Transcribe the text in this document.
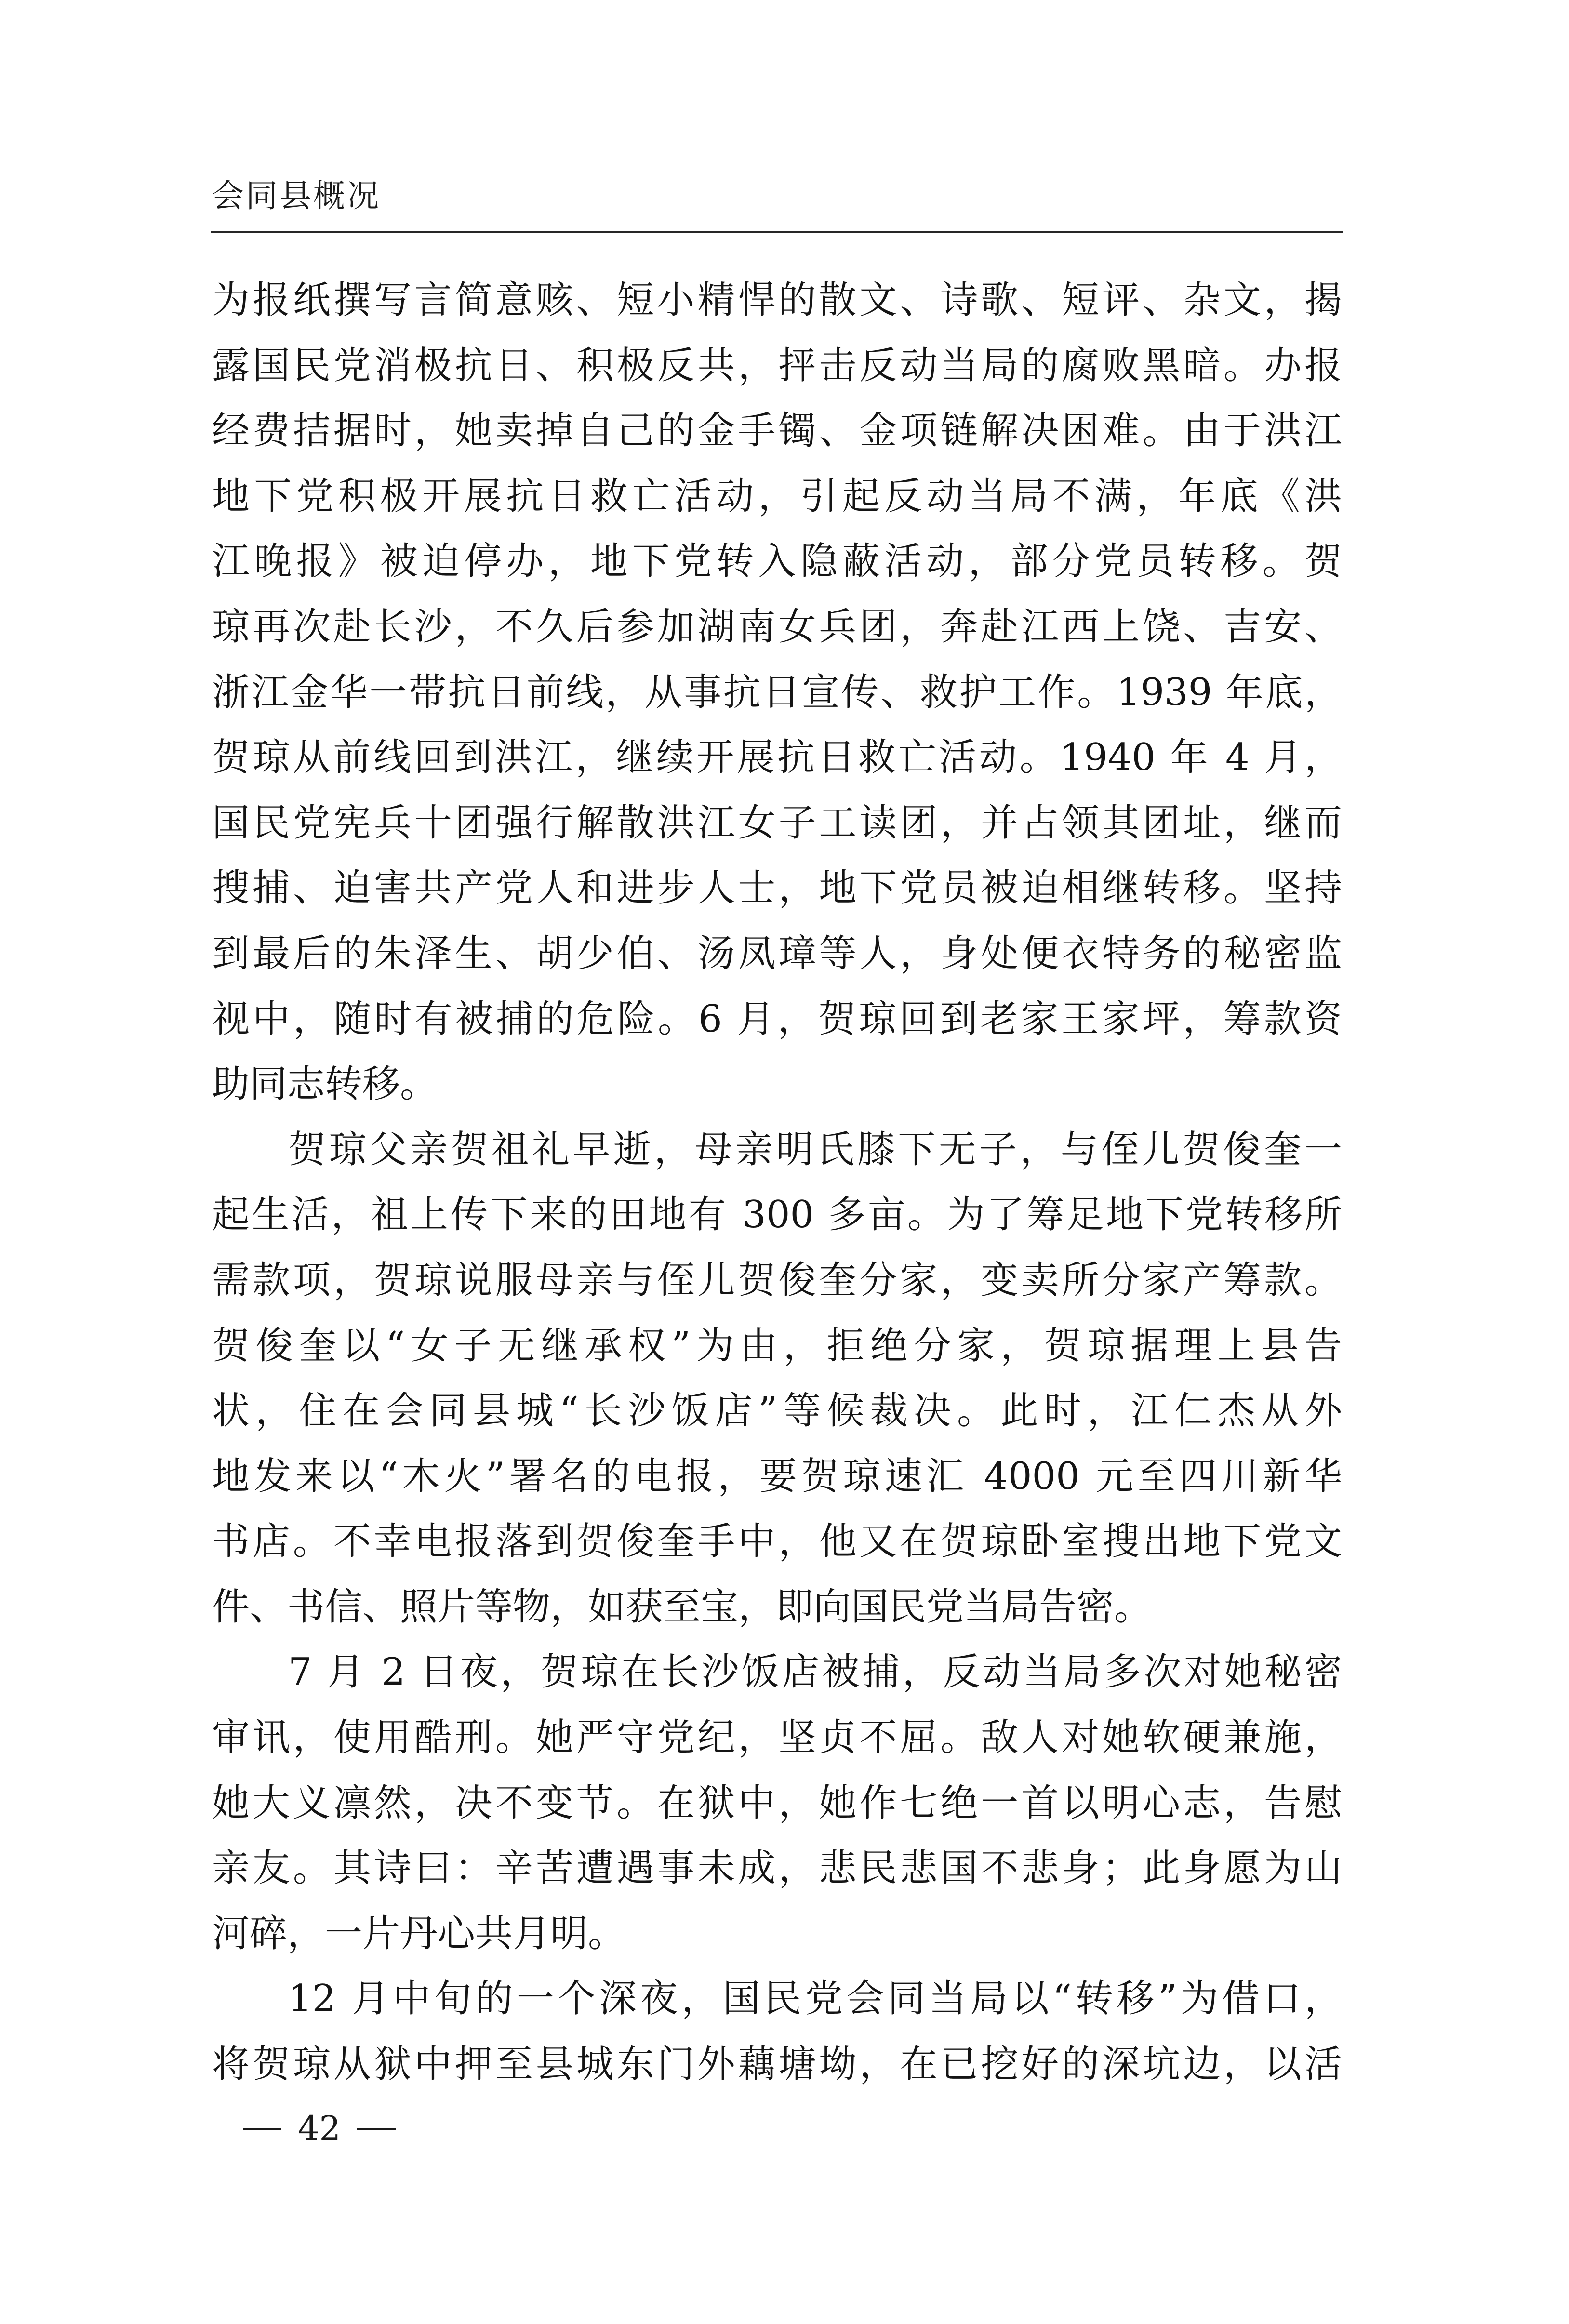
会同县概况
为报纸撰写言简意赅、短小精悍的散文、诗歌、短评、杂文，揭
露国民党消极抗日、积极反共，抨击反动当局的腐败黑暗。办报
经费拮据时，她卖掉自己的金手镯、金项链解决困难。由于洪江
地下党积极开展抗日救亡活动，引起反动当局不满，年底《洪
江晚报》被迫停办，地下党转入隐蔽活动，部分党员转移。贺
琼再次赴长沙，不久后参加湖南女兵团，奔赴江西上饶、吉安、
浙江金华一带抗日前线，从事抗日宣传、救护工作。1939 年底，
贺琼从前线回到洪江，继续开展抗日救亡活动。1940 年 4 月，
国民党宪兵十团强行解散洪江女子工读团，并占领其团址，继而
搜捕、迫害共产党人和进步人士，地下党员被迫相继转移。坚持
到最后的朱泽生、胡少伯、汤凤璋等人，身处便衣特务的秘密监
视中，随时有被捕的危险。6 月，贺琼回到老家王家坪，筹款资
助同志转移。
贺琼父亲贺祖礼早逝，母亲明氏膝下无子，与侄儿贺俊奎一
起生活，祖上传下来的田地有 300 多亩。为了筹足地下党转移所
需款项，贺琼说服母亲与侄儿贺俊奎分家，变卖所分家产筹款。
贺俊奎以“女子无继承权”为由，拒绝分家，贺琼据理上县告
状，住在会同县城“长沙饭店”等候裁决。此时，江仁杰从外
地发来以“木火”署名的电报，要贺琼速汇 4000 元至四川新华
书店。不幸电报落到贺俊奎手中，他又在贺琼卧室搜出地下党文
件、书信、照片等物，如获至宝，即向国民党当局告密。
7 月 2 日夜，贺琼在长沙饭店被捕，反动当局多次对她秘密
审讯，使用酷刑。她严守党纪，坚贞不屈。敌人对她软硬兼施，
她大义凛然，决不变节。在狱中，她作七绝一首以明心志，告慰
亲友。其诗曰：辛苦遭遇事未成，悲民悲国不悲身；此身愿为山
河碎，一片丹心共月明。
12 月中旬的一个深夜，国民党会同当局以“转移”为借口，
将贺琼从狱中押至县城东门外藕塘坳，在已挖好的深坑边，以活
42
